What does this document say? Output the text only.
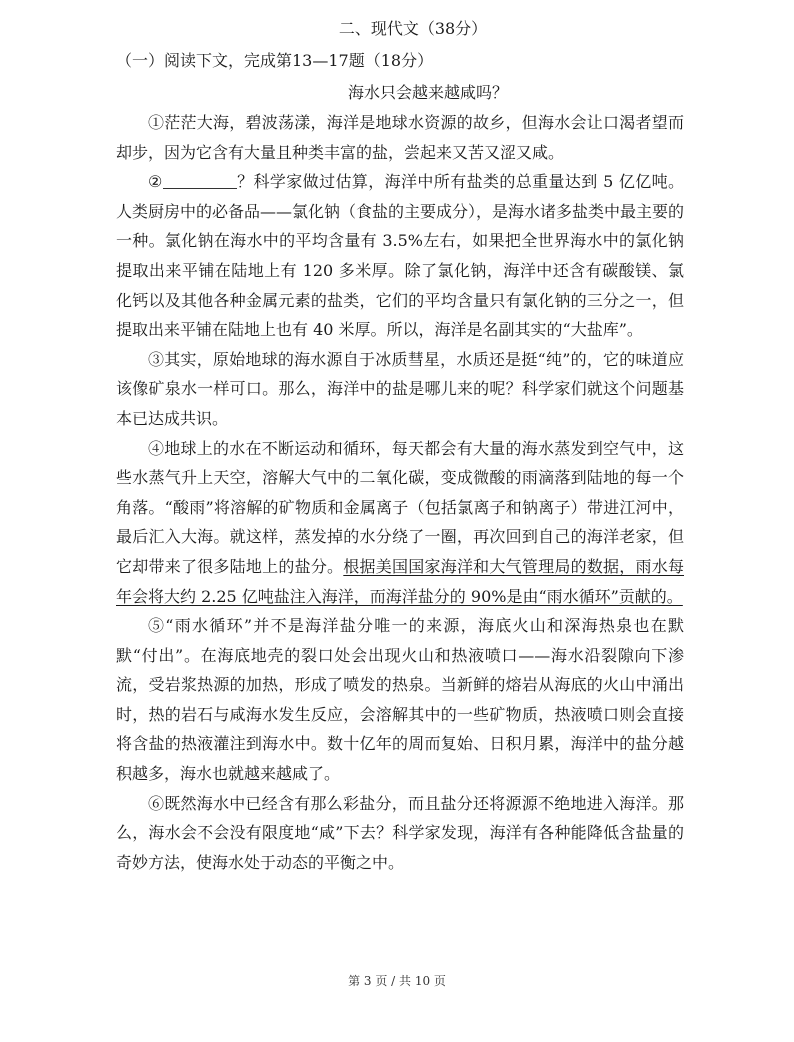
二、现代文（38分）
（一）阅读下文，完成第13—17题（18分）
海水只会越来越咸吗？

①茫茫大海，碧波荡漾，海洋是地球水资源的故乡，但海水会让口渴者望而却步，因为它含有大量且种类丰富的盐，尝起来又苦又涩又咸。

②	？科学家做过估算，海洋中所有盐类的总重量达到 5 亿亿吨。人类厨房中的必备品——氯化钠（食盐的主要成分），是海水诸多盐类中最主要的一种。氯化钠在海水中的平均含量有 3.5%左右，如果把全世界海水中的氯化钠提取出来平铺在陆地上有 120 多米厚。除了氯化钠，海洋中还含有碳酸镁、氯化钙以及其他各种金属元素的盐类，它们的平均含量只有氯化钠的三分之一，但提取出来平铺在陆地上也有 40 米厚。所以，海洋是名副其实的“大盐库”。

③其实，原始地球的海水源自于冰质彗星，水质还是挺“纯”的，它的味道应该像矿泉水一样可口。那么，海洋中的盐是哪儿来的呢？科学家们就这个问题基本已达成共识。

④地球上的水在不断运动和循环，每天都会有大量的海水蒸发到空气中，这些水蒸气升上天空，溶解大气中的二氧化碳，变成微酸的雨滴落到陆地的每一个角落。“酸雨”将溶解的矿物质和金属离子（包括氯离子和钠离子）带进江河中，最后汇入大海。就这样，蒸发掉的水分绕了一圈，再次回到自己的海洋老家，但它却带来了很多陆地上的盐分。根据美国国家海洋和大气管理局的数据，雨水每年会将大约 2.25 亿吨盐注入海洋，而海洋盐分的 90%是由“雨水循环”贡献的。

⑤“雨水循环”并不是海洋盐分唯一的来源，海底火山和深海热泉也在默默“付出”。在海底地壳的裂口处会出现火山和热液喷口——海水沿裂隙向下渗流，受岩浆热源的加热，形成了喷发的热泉。当新鲜的熔岩从海底的火山中涌出时，热的岩石与咸海水发生反应，会溶解其中的一些矿物质，热液喷口则会直接将含盐的热液灌注到海水中。数十亿年的周而复始、日积月累，海洋中的盐分越积越多，海水也就越来越咸了。

⑥既然海水中已经含有那么彩盐分，而且盐分还将源源不绝地进入海洋。那么，海水会不会没有限度地“咸”下去？科学家发现，海洋有各种能降低含盐量的奇妙方法，使海水处于动态的平衡之中。

第 3 页 / 共 10 页
